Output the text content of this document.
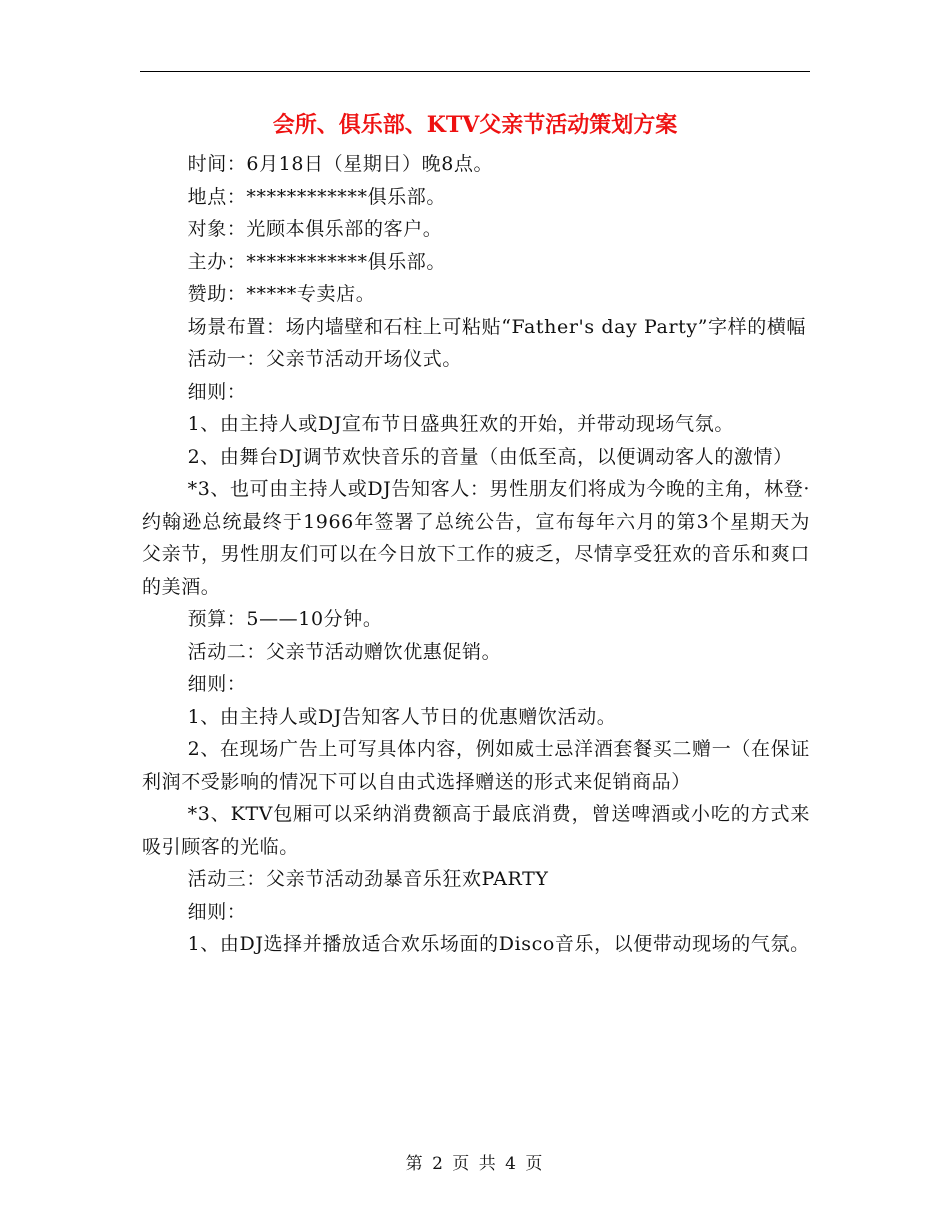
会所、俱乐部、KTV父亲节活动策划方案

时间：6月18日（星期日）晚8点。

地点：************俱乐部。

对象：光顾本俱乐部的客户。

主办：************俱乐部。

赞助：*****专卖店。

场景布置：场内墙壁和石柱上可粘贴“Father's day Party”字样的横幅

活动一：父亲节活动开场仪式。

细则：

1、由主持人或DJ宣布节日盛典狂欢的开始，并带动现场气氛。

2、由舞台DJ调节欢快音乐的音量（由低至高，以便调动客人的激情）

*3、也可由主持人或DJ告知客人：男性朋友们将成为今晚的主角，林登·约翰逊总统最终于1966年签署了总统公告，宣布每年六月的第3个星期天为父亲节，男性朋友们可以在今日放下工作的疲乏，尽情享受狂欢的音乐和爽口的美酒。

预算：5——10分钟。

活动二：父亲节活动赠饮优惠促销。

细则：

1、由主持人或DJ告知客人节日的优惠赠饮活动。

2、在现场广告上可写具体内容，例如威士忌洋酒套餐买二赠一（在保证利润不受影响的情况下可以自由式选择赠送的形式来促销商品）

*3、KTV包厢可以采纳消费额高于最底消费，曾送啤酒或小吃的方式来吸引顾客的光临。

活动三：父亲节活动劲暴音乐狂欢PARTY

细则：

1、由DJ选择并播放适合欢乐场面的Disco音乐，以便带动现场的气氛。

第 2 页 共 4 页
